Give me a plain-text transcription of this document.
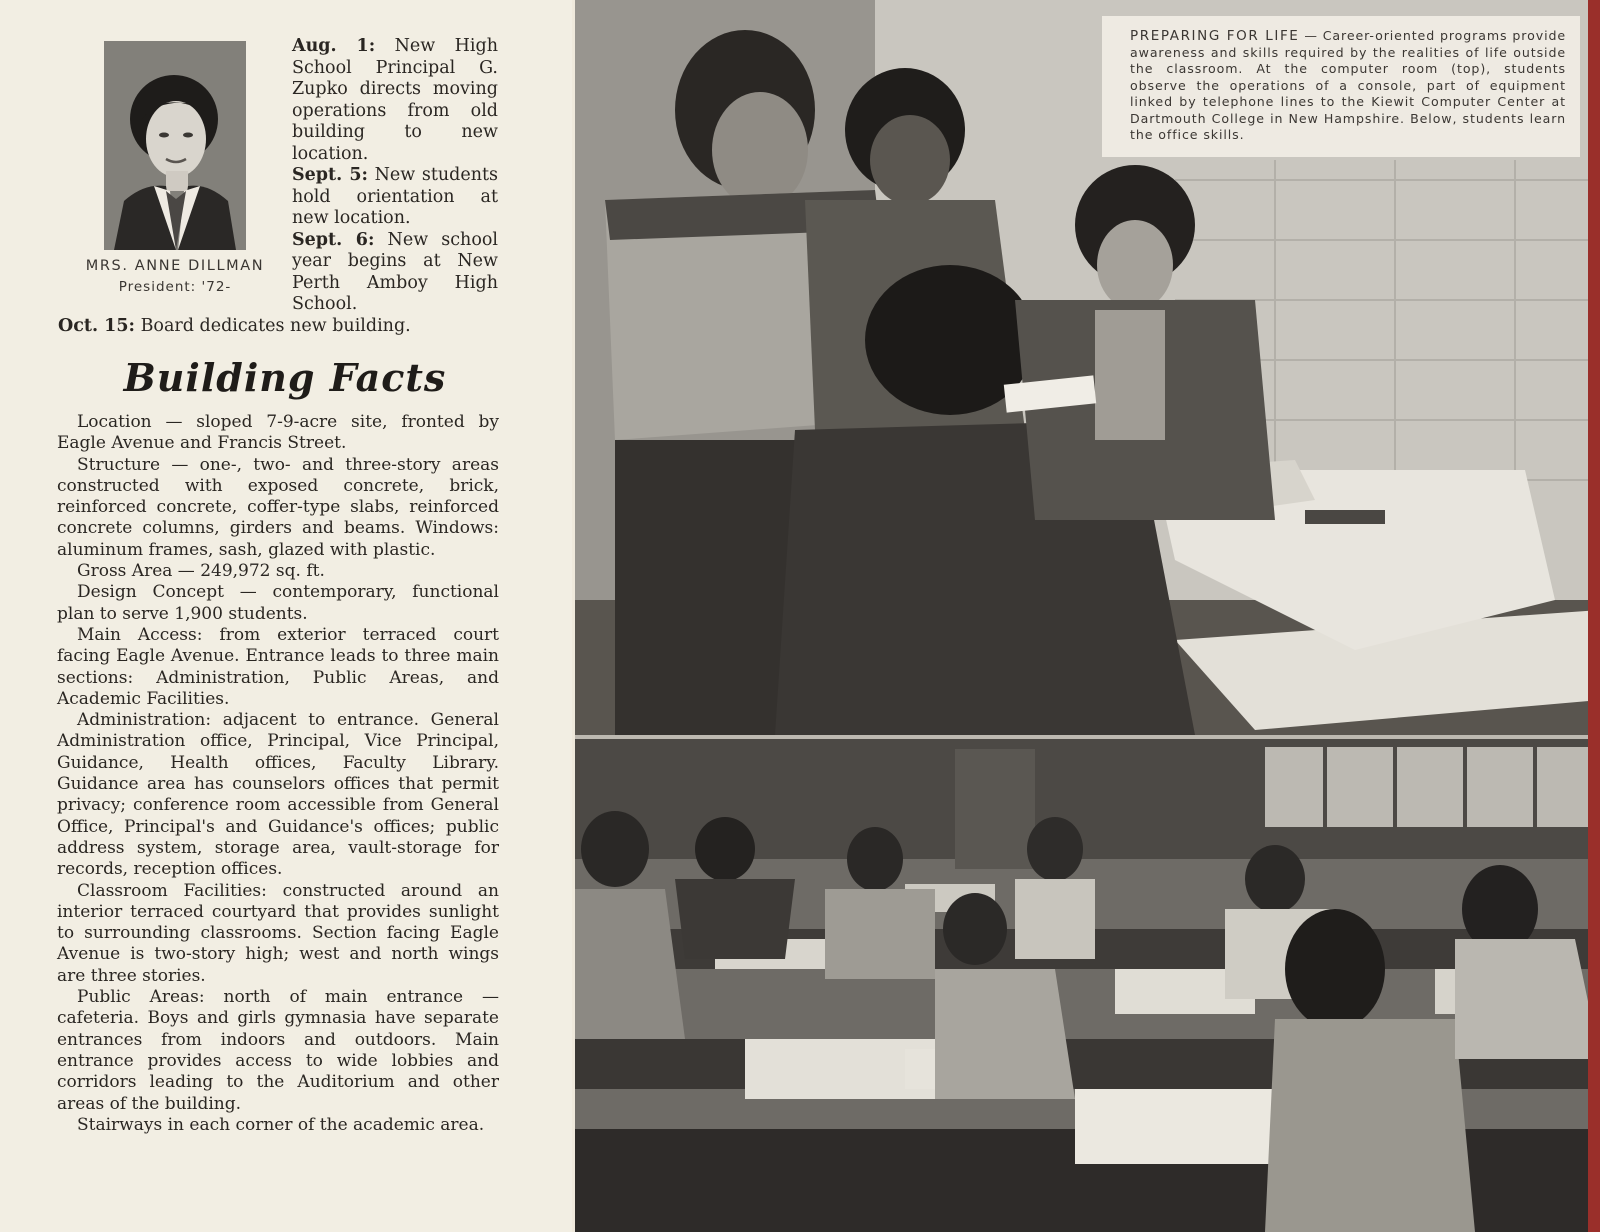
MRS. ANNE DILLMAN
President: '72-

Aug. 1: New High School Principal G. Zupko directs moving operations from old building to new location.

Sept. 5: New students hold orientation at new location.

Sept. 6: New school year begins at New Perth Amboy High School.

Oct. 15: Board dedicates new building.
Building Facts

Location — sloped 7-9-acre site, fronted by Eagle Avenue and Francis Street.

Structure — one-, two- and three-story areas constructed with exposed concrete, brick, reinforced concrete, coffer-type slabs, reinforced concrete columns, girders and beams. Windows: aluminum frames, sash, glazed with plastic.

Gross Area — 249,972 sq. ft.

Design Concept — contemporary, functional plan to serve 1,900 students.

Main Access: from exterior terraced court facing Eagle Avenue. Entrance leads to three main sections: Administration, Public Areas, and Academic Facilities.

Administration: adjacent to entrance. General Administration office, Principal, Vice Principal, Guidance, Health offices, Faculty Library. Guidance area has counselors offices that permit privacy; conference room accessible from General Office, Principal's and Guidance's offices; public address system, storage area, vault-storage for records, reception offices.

Classroom Facilities: constructed around an interior terraced courtyard that provides sunlight to surrounding classrooms. Section facing Eagle Avenue is two-story high; west and north wings are three stories.

Public Areas: north of main entrance — cafeteria. Boys and girls gymnasia have separate entrances from indoors and outdoors. Main entrance provides access to wide lobbies and corridors leading to the Auditorium and other areas of the building.

Stairways in each corner of the academic area.

PREPARING FOR LIFE — Career-oriented programs provide awareness and skills required by the realities of life outside the classroom. At the computer room (top), students observe the operations of a console, part of equipment linked by telephone lines to the Kiewit Computer Center at Dartmouth College in New Hampshire. Below, students learn the office skills.
